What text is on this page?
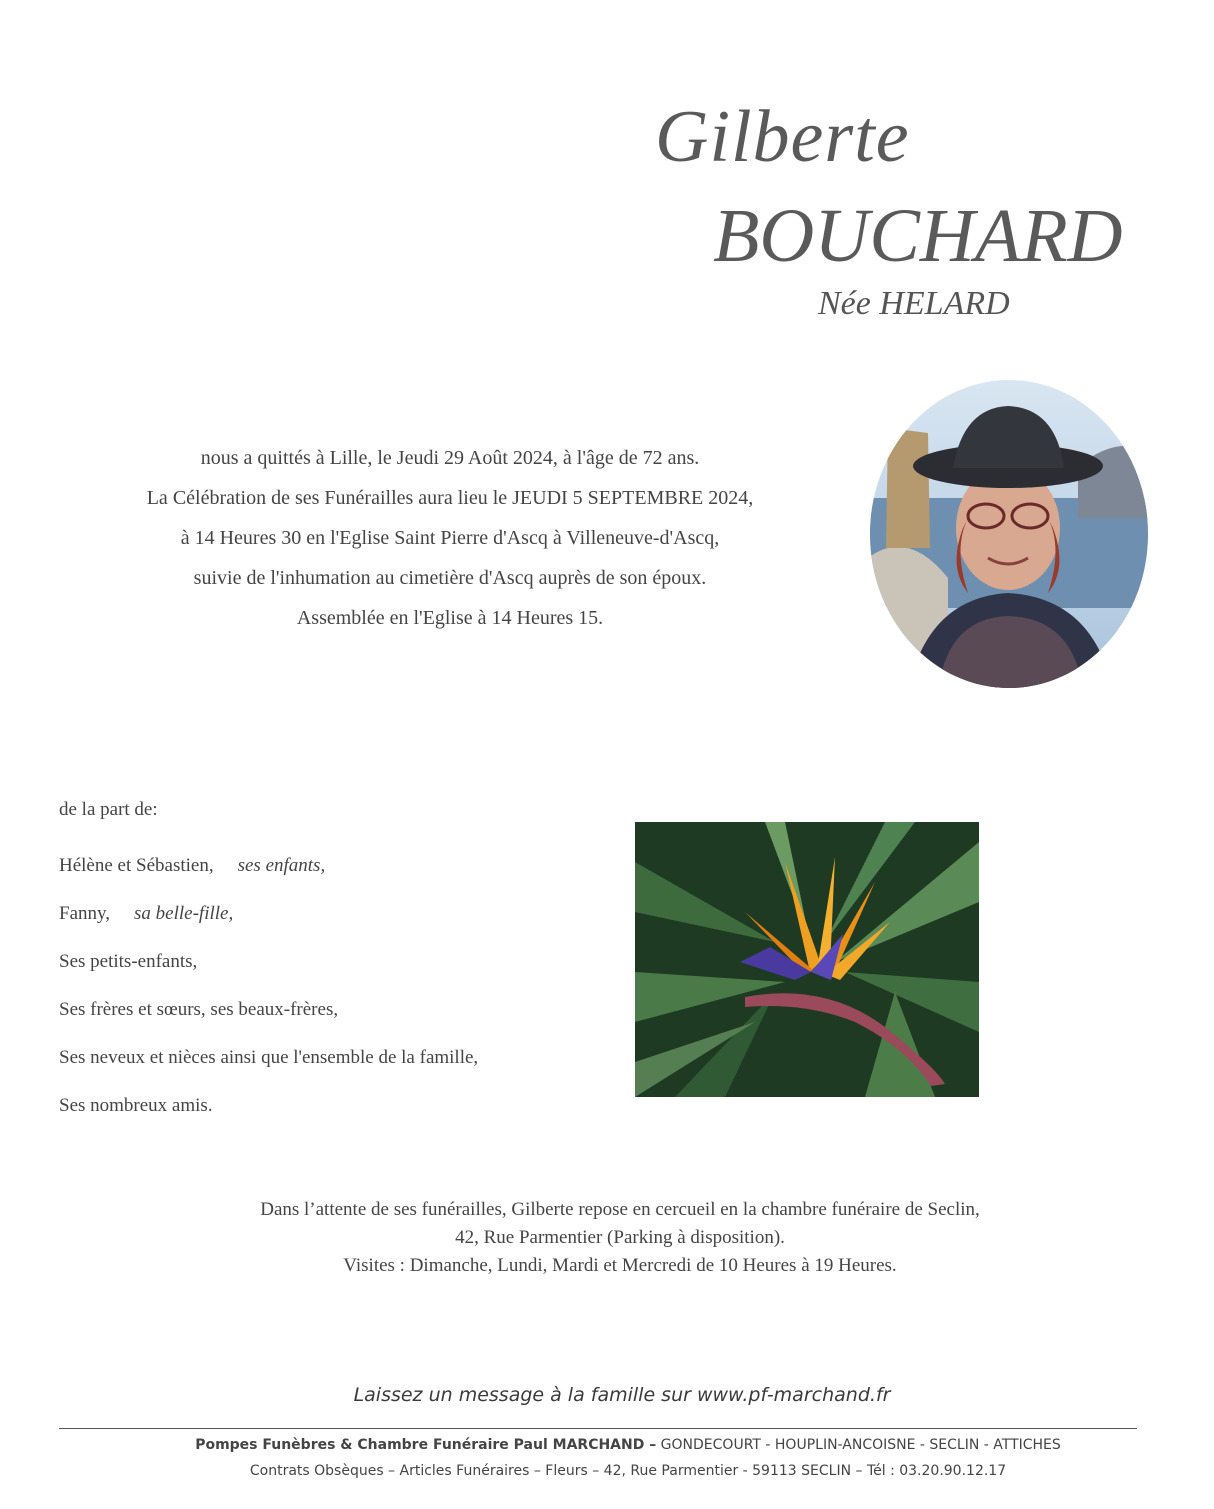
Gilberte
BOUCHARD
Née HELARD
nous a quittés à Lille, le Jeudi 29 Août 2024, à l'âge de 72 ans.
La Célébration de ses Funérailles aura lieu le JEUDI 5 SEPTEMBRE 2024,
à 14 Heures 30 en l'Eglise Saint Pierre d'Ascq à Villeneuve-d'Ascq,
suivie de l'inhumation au cimetière d'Ascq auprès de son époux.
Assemblée en l'Eglise à 14 Heures 15.
de la part de:
Hélène et Sébastien, ses enfants,
Fanny, sa belle-fille,
Ses petits-enfants,
Ses frères et sœurs, ses beaux-frères,
Ses neveux et nièces ainsi que l'ensemble de la famille,
Ses nombreux amis.
Dans l’attente de ses funérailles, Gilberte repose en cercueil en la chambre funéraire de Seclin,
42, Rue Parmentier (Parking à disposition).
Visites : Dimanche, Lundi, Mardi et Mercredi de 10 Heures à 19 Heures.
Laissez un message à la famille sur www.pf-marchand.fr
Pompes Funèbres & Chambre Funéraire Paul MARCHAND – GONDECOURT - HOUPLIN-ANCOISNE - SECLIN - ATTICHES
Contrats Obsèques – Articles Funéraires – Fleurs – 42, Rue Parmentier - 59113 SECLIN – Tél : 03.20.90.12.17
